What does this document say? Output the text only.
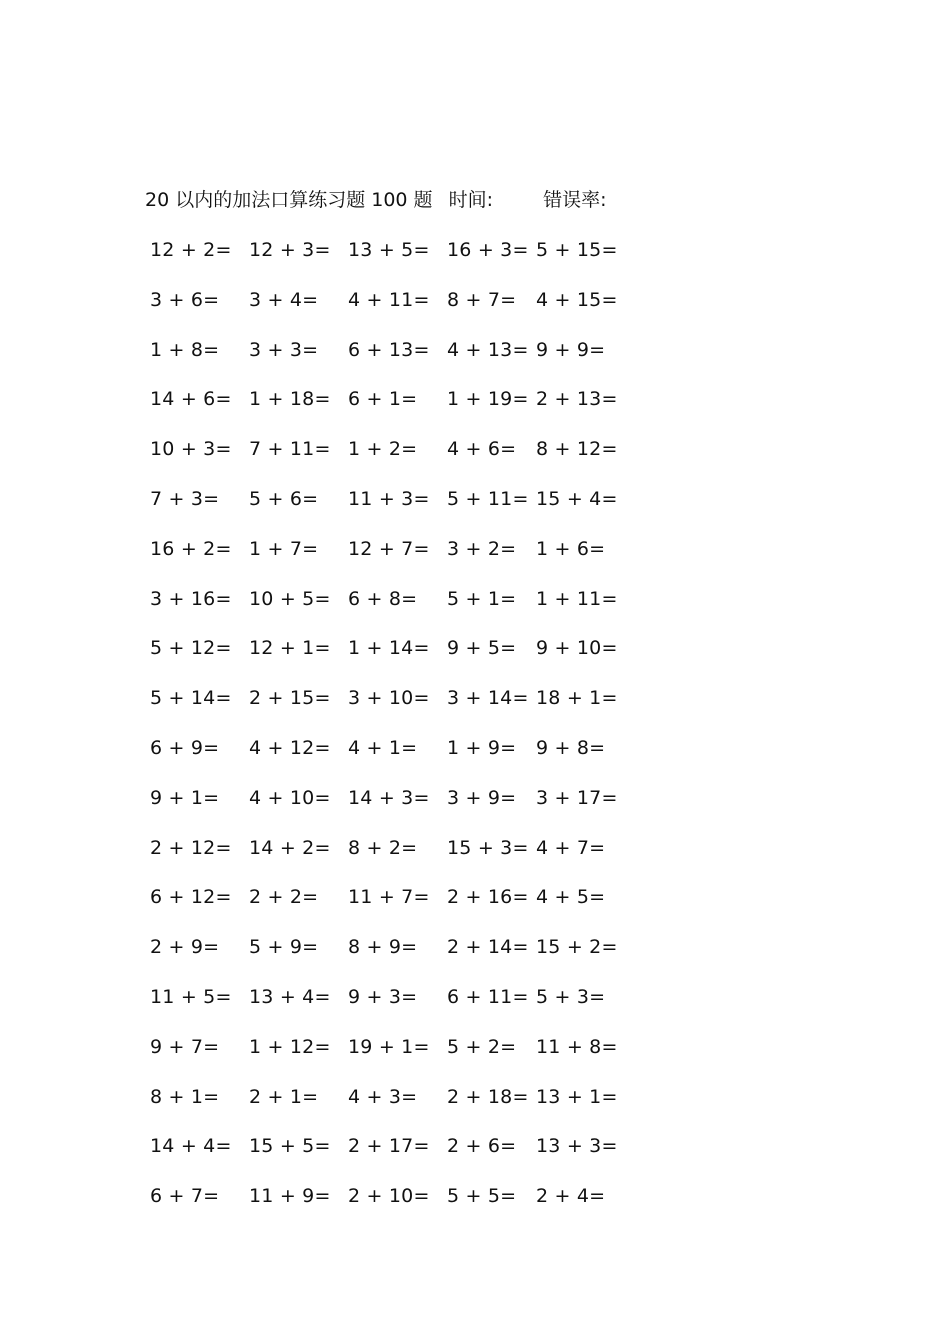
20 以内的加法口算练习题 100 题 时间:	错误率:
12 + 2= 12 + 3= 13 + 5= 16 + 3= 5 + 15=
3 + 6= 3 + 4= 4 + 11= 8 + 7= 4 + 15=
1 + 8= 3 + 3= 6 + 13= 4 + 13= 9 + 9=
14 + 6= 1 + 18= 6 + 1= 1 + 19= 2 + 13=
10 + 3= 7 + 11= 1 + 2= 4 + 6= 8 + 12=
7 + 3= 5 + 6= 11 + 3= 5 + 11= 15 + 4=
16 + 2= 1 + 7= 12 + 7= 3 + 2= 1 + 6=
3 + 16= 10 + 5= 6 + 8= 5 + 1= 1 + 11=
5 + 12= 12 + 1= 1 + 14= 9 + 5= 9 + 10=
5 + 14= 2 + 15= 3 + 10= 3 + 14= 18 + 1=
6 + 9= 4 + 12= 4 + 1= 1 + 9= 9 + 8=
9 + 1= 4 + 10= 14 + 3= 3 + 9= 3 + 17=
2 + 12= 14 + 2= 8 + 2= 15 + 3= 4 + 7=
6 + 12= 2 + 2= 11 + 7= 2 + 16= 4 + 5=
2 + 9= 5 + 9= 8 + 9= 2 + 14= 15 + 2=
11 + 5= 13 + 4= 9 + 3= 6 + 11= 5 + 3=
9 + 7= 1 + 12= 19 + 1= 5 + 2= 11 + 8=
8 + 1= 2 + 1= 4 + 3= 2 + 18= 13 + 1=
14 + 4= 15 + 5= 2 + 17= 2 + 6= 13 + 3=
6 + 7= 11 + 9= 2 + 10= 5 + 5= 2 + 4=
